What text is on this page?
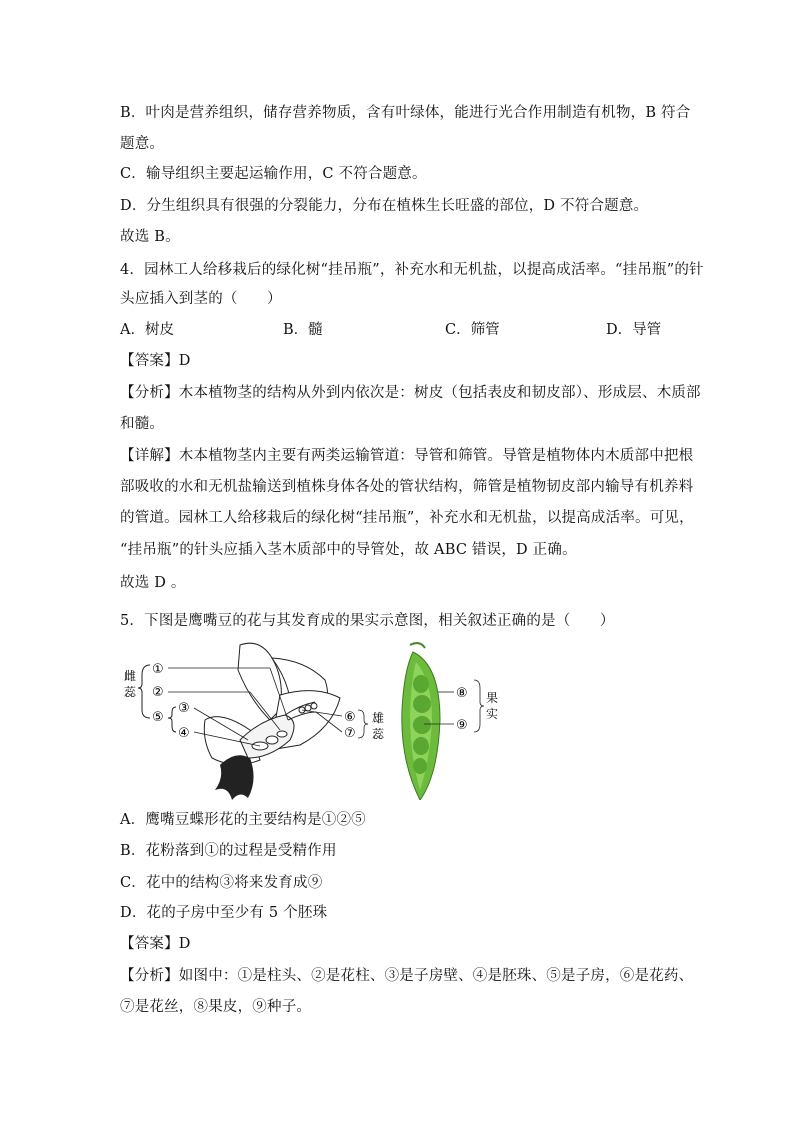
B．叶肉是营养组织，储存营养物质，含有叶绿体，能进行光合作用制造有机物，B 符合
题意。
C．输导组织主要起运输作用，C 不符合题意。
D．分生组织具有很强的分裂能力，分布在植株生长旺盛的部位，D 不符合题意。
故选 B。
4．园林工人给移栽后的绿化树“挂吊瓶”，补充水和无机盐，以提高成活率。“挂吊瓶”的针
头应插入到茎的（　　）
A．树皮	B．髓	C．筛管	D．导管
【答案】D
【分析】木本植物茎的结构从外到内依次是：树皮（包括表皮和韧皮部）、形成层、木质部
和髓。
【详解】木本植物茎内主要有两类运输管道：导管和筛管。导管是植物体内木质部中把根
部吸收的水和无机盐输送到植株身体各处的管状结构，筛管是植物韧皮部内输导有机养料
的管道。园林工人给移栽后的绿化树“挂吊瓶”，补充水和无机盐，以提高成活率。可见，
“挂吊瓶”的针头应插入茎木质部中的导管处，故 ABC 错误，D 正确。
故选 D 。
5．下图是鹰嘴豆的花与其发育成的果实示意图，相关叙述正确的是（　　）
雌
蕊
①
②
⑤
③
④
⑥
⑦
雄
蕊
⑧
⑨
果
实
A．鹰嘴豆蝶形花的主要结构是①②⑤
B．花粉落到①的过程是受精作用
C．花中的结构③将来发育成⑨
D．花的子房中至少有 5 个胚珠
【答案】D
【分析】如图中：①是柱头、②是花柱、③是子房壁、④是胚珠、⑤是子房，⑥是花药、
⑦是花丝，⑧果皮，⑨种子。
